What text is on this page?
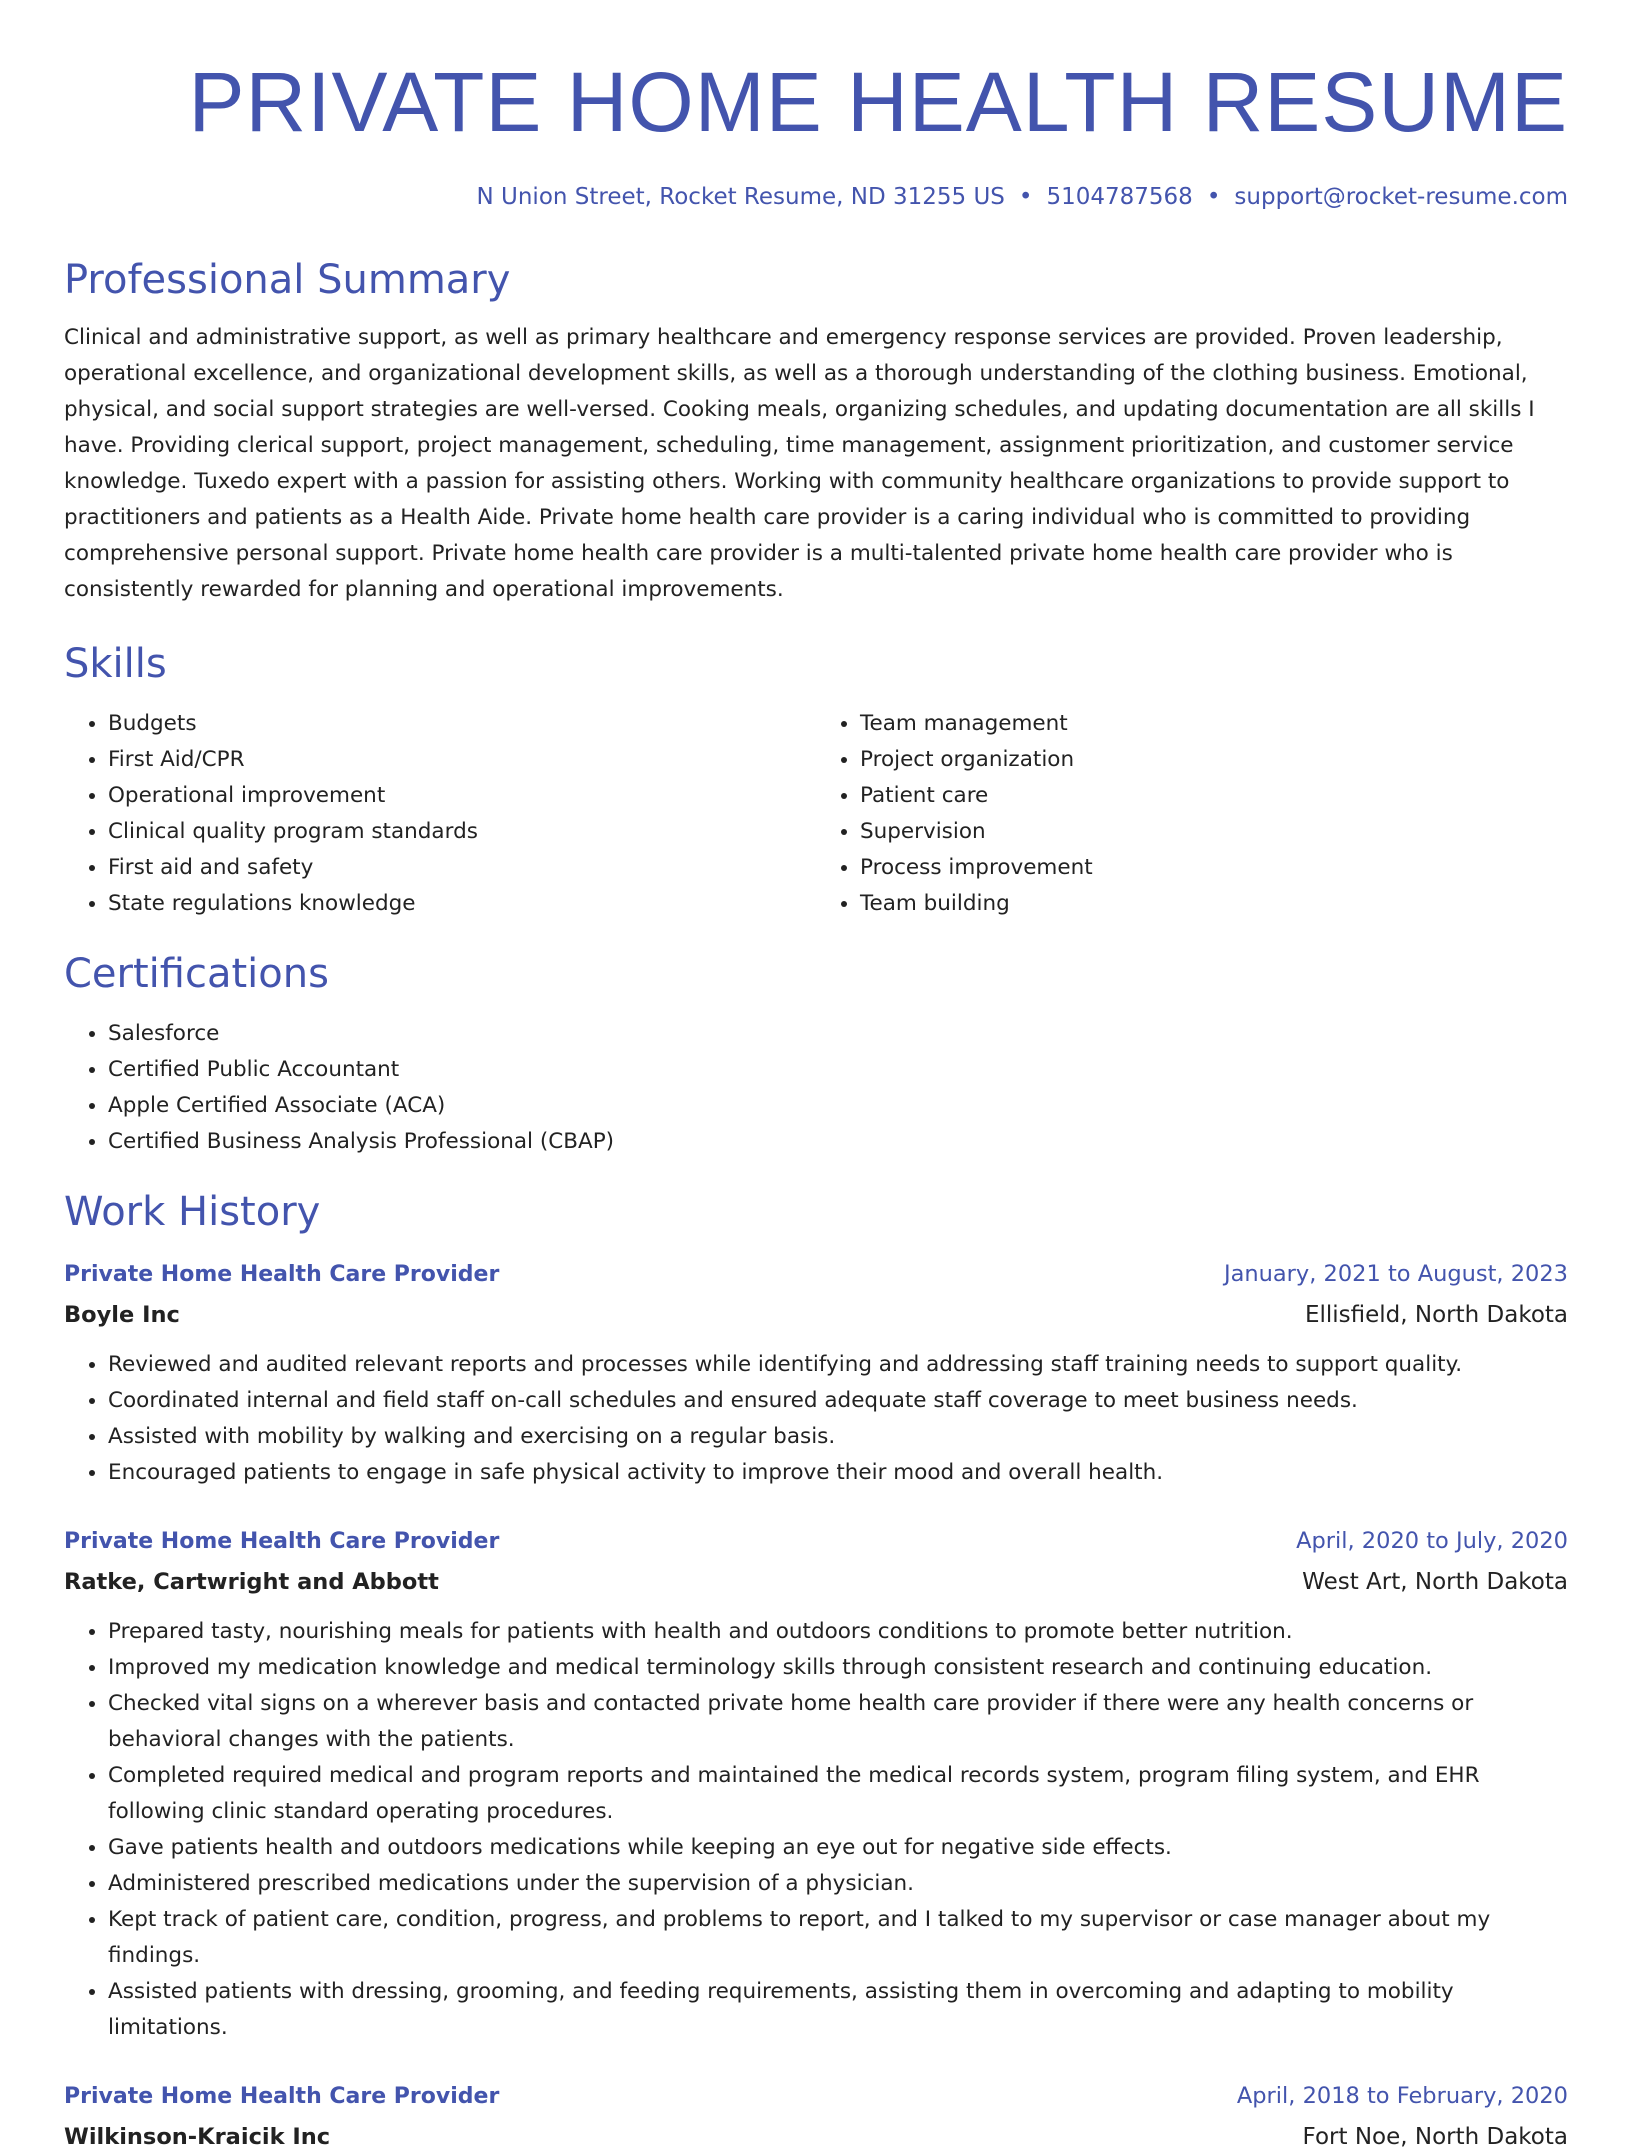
PRIVATE HOME HEALTH RESUME
N Union Street, Rocket Resume, ND 31255 US • 5104787568 • support@rocket-resume.com
Professional Summary
Clinical and administrative support, as well as primary healthcare and emergency response services are provided. Proven leadership, operational excellence, and organizational development skills, as well as a thorough understanding of the clothing business. Emotional, physical, and social support strategies are well-versed. Cooking meals, organizing schedules, and updating documentation are all skills I have. Providing clerical support, project management, scheduling, time management, assignment prioritization, and customer service knowledge. Tuxedo expert with a passion for assisting others. Working with community healthcare organizations to provide support to practitioners and patients as a Health Aide. Private home health care provider is a caring individual who is committed to providing comprehensive personal support. Private home health care provider is a multi-talented private home health care provider who is consistently rewarded for planning and operational improvements.
Skills
• Budgets
• First Aid/CPR
• Operational improvement
• Clinical quality program standards
• First aid and safety
• State regulations knowledge
• Team management
• Project organization
• Patient care
• Supervision
• Process improvement
• Team building
Certifications
• Salesforce
• Certified Public Accountant
• Apple Certified Associate (ACA)
• Certified Business Analysis Professional (CBAP)
Work History
Private Home Health Care Provider	January, 2021 to August, 2023
Boyle Inc	Ellisfield, North Dakota
• Reviewed and audited relevant reports and processes while identifying and addressing staff training needs to support quality.
• Coordinated internal and field staff on-call schedules and ensured adequate staff coverage to meet business needs.
• Assisted with mobility by walking and exercising on a regular basis.
• Encouraged patients to engage in safe physical activity to improve their mood and overall health.
Private Home Health Care Provider	April, 2020 to July, 2020
Ratke, Cartwright and Abbott	West Art, North Dakota
• Prepared tasty, nourishing meals for patients with health and outdoors conditions to promote better nutrition.
• Improved my medication knowledge and medical terminology skills through consistent research and continuing education.
• Checked vital signs on a wherever basis and contacted private home health care provider if there were any health concerns or behavioral changes with the patients.
• Completed required medical and program reports and maintained the medical records system, program filing system, and EHR following clinic standard operating procedures.
• Gave patients health and outdoors medications while keeping an eye out for negative side effects.
• Administered prescribed medications under the supervision of a physician.
• Kept track of patient care, condition, progress, and problems to report, and I talked to my supervisor or case manager about my findings.
• Assisted patients with dressing, grooming, and feeding requirements, assisting them in overcoming and adapting to mobility limitations.
Private Home Health Care Provider	April, 2018 to February, 2020
Wilkinson-Kraicik Inc	Fort Noe, North Dakota
